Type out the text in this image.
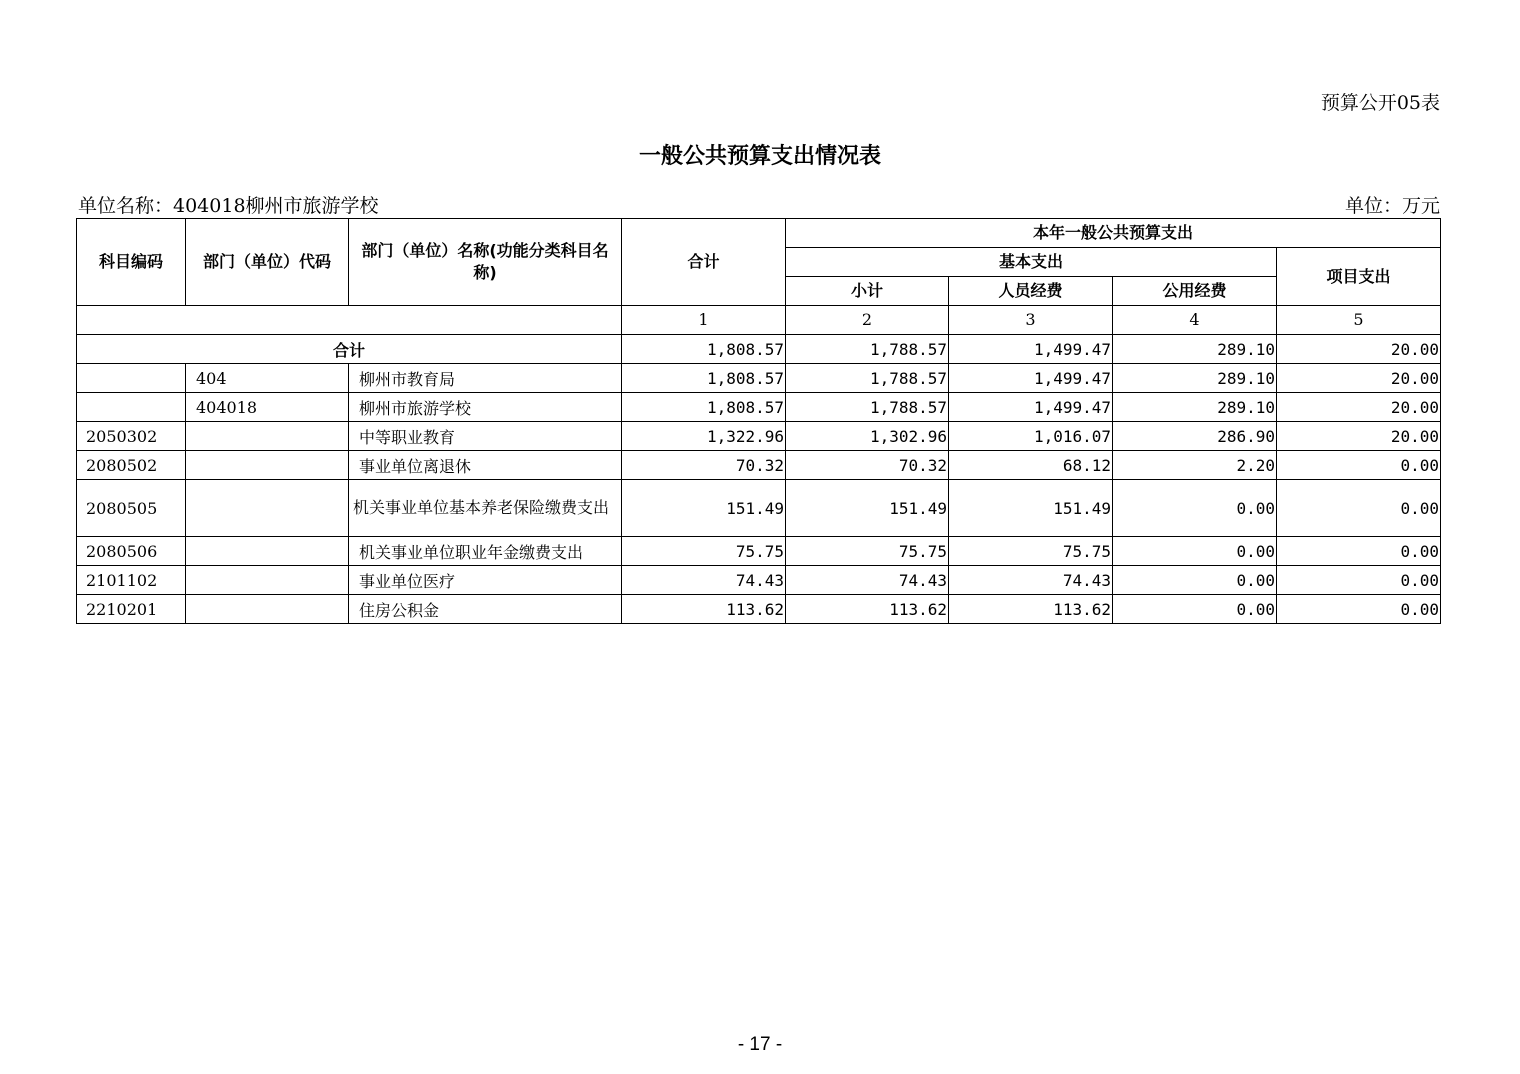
预算公开05表
一般公共预算支出情况表
单位名称：404018柳州市旅游学校	单位：万元
科目编码	部门（单位）代码	部门（单位）名称(功能分类科目名称)	合计	本年一般公共预算支出			
				基本支出			项目支出
				小计	人员经费	公用经费	
			1	2	3	4	5
合计			1,808.57	1,788.57	1,499.47	289.10	20.00
	404	柳州市教育局	1,808.57	1,788.57	1,499.47	289.10	20.00
	404018	柳州市旅游学校	1,808.57	1,788.57	1,499.47	289.10	20.00
2050302		中等职业教育	1,322.96	1,302.96	1,016.07	286.90	20.00
2080502		事业单位离退休	70.32	70.32	68.12	2.20	0.00
2080505		机关事业单位基本养老保险缴费支出	151.49	151.49	151.49	0.00	0.00
2080506		机关事业单位职业年金缴费支出	75.75	75.75	75.75	0.00	0.00
2101102		事业单位医疗	74.43	74.43	74.43	0.00	0.00
2210201		住房公积金	113.62	113.62	113.62	0.00	0.00
- 17 -
